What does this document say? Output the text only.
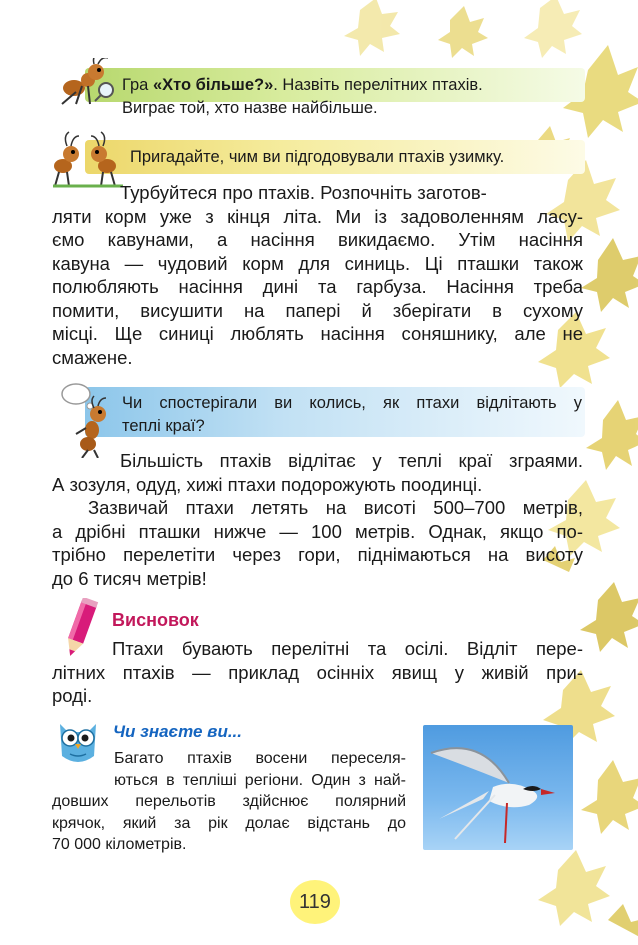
Гра «Хто більше?». Назвіть перелітних птахів.
Виграє той, хто назве найбільше.
Пригадайте, чим ви підгодовували птахів узимку.
Турбуйтеся про птахів. Розпочніть заготов-
ляти корм уже з кінця літа. Ми із задоволенням ласу-
ємо кавунами, а насіння викидаємо. Утім насіння
кавуна — чудовий корм для синиць. Ці пташки також
полюбляють насіння дині та гарбуза. Насіння треба
помити, висушити на папері й зберігати в сухому
місці. Ще синиці люблять насіння соняшнику, але не
смажене.
Чи спостерігали ви колись, як птахи відлітають у
теплі краї?
Більшість птахів відлітає у теплі краї зграями.
А зозуля, одуд, хижі птахи подорожують поодинці.
Зазвичай птахи летять на висоті 500–700 метрів,
а дрібні пташки нижче — 100 метрів. Однак, якщо по-
трібно перелетіти через гори, піднімаються на висоту
до 6 тисяч метрів!
Висновок
Птахи бувають перелітні та осілі. Відліт пере-
літних птахів — приклад осінніх явищ у живій при-
роді.
Чи знаєте ви...
Багато птахів восени переселя-
ються в тепліші регіони. Один з най-
довших перельотів здійснює полярний
крячок, який за рік долає відстань до
70 000 кілометрів.
119
